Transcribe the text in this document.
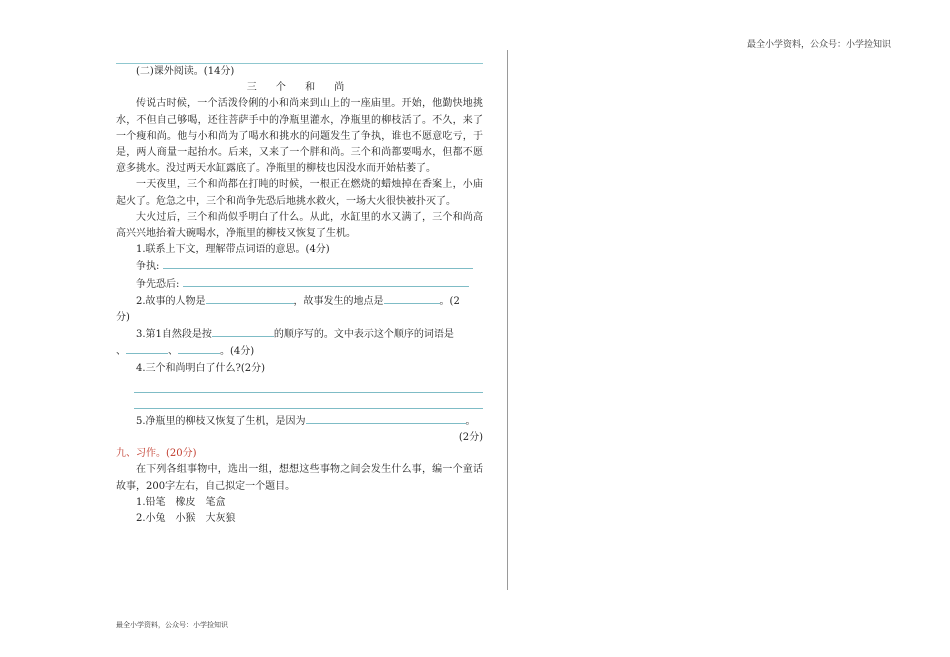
最全小学资料，公众号：小学捡知识
(二)课外阅读。(14分)
三 个 和 尚
传说古时候，一个活泼伶俐的小和尚来到山上的一座庙里。开始，他勤快地挑水，不但自己够喝，还往菩萨手中的净瓶里灌水，净瓶里的柳枝活了。不久，来了一个瘦和尚。他与小和尚为了喝水和挑水的问题发生了争执，谁也不愿意吃亏，于是，两人商量一起抬水。后来，又来了一个胖和尚。三个和尚都要喝水，但都不愿意多挑水。没过两天水缸露底了。净瓶里的柳枝也因没水而开始枯萎了。
一天夜里，三个和尚都在打盹的时候，一根正在燃烧的蜡烛掉在香案上，小庙起火了。危急之中，三个和尚争先恐后地挑水救火，一场大火很快被扑灭了。
大火过后，三个和尚似乎明白了什么。从此，水缸里的水又满了，三个和尚高高兴兴地抬着大碗喝水，净瓶里的柳枝又恢复了生机。
1.联系上下文，理解带点词语的意思。(4分)
争执:
争先恐后:
2.故事的人物是	，故事发生的地点是	。(2
分)
3.第1自然段是按	的顺序写的。文中表示这个顺序的词语是
、	、	。(4分)
4.三个和尚明白了什么?(2分)
5.净瓶里的柳枝又恢复了生机，是因为	。
(2分)
九、习作。(20分)
在下列各组事物中，选出一组，想想这些事物之间会发生什么事，编一个童话故事，200字左右，自己拟定一个题目。
1.铅笔　橡皮　笔盒
2.小兔　小猴　大灰狼
最全小学资料，公众号：小学捡知识
